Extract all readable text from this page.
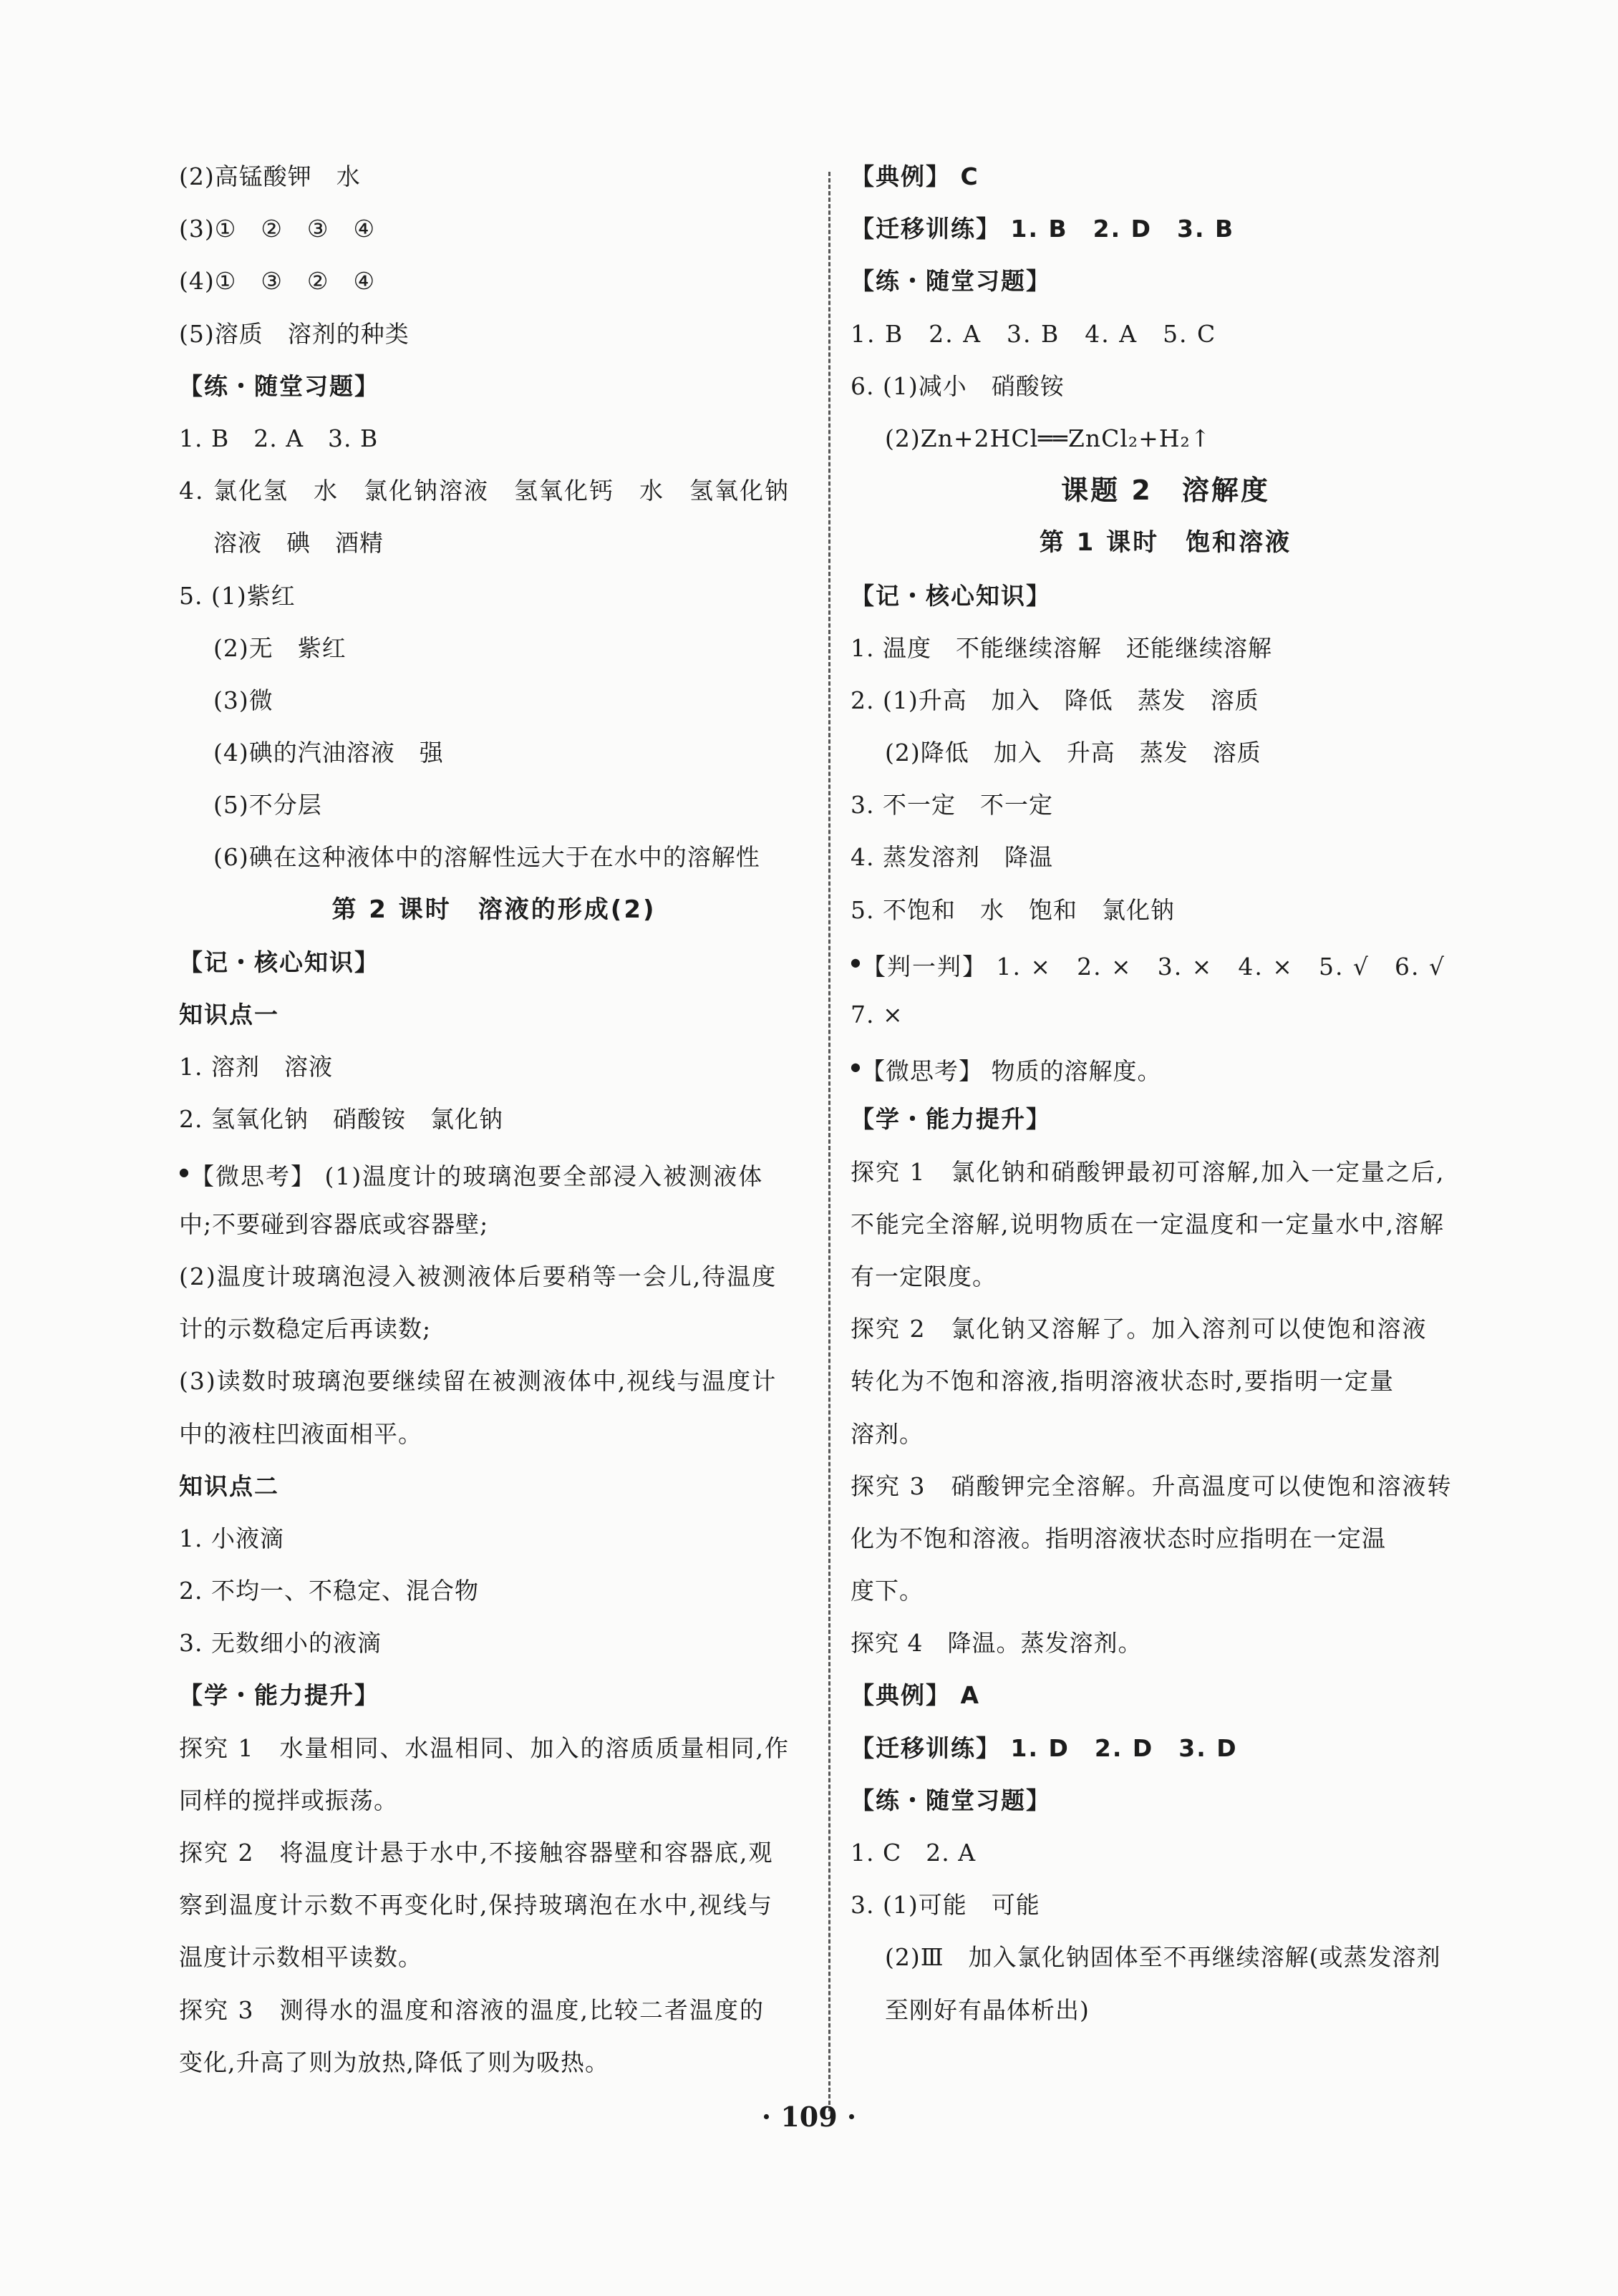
(2)高锰酸钾　水
(3)①　②　③　④
(4)①　③　②　④
(5)溶质　溶剂的种类
【练・随堂习题】
1. B　2. A　3. B
4. 氯化氢　水　氯化钠溶液　氢氧化钙　水　氢氧化钠
溶液　碘　酒精
5. (1)紫红
(2)无　紫红
(3)微
(4)碘的汽油溶液　强
(5)不分层
(6)碘在这种液体中的溶解性远大于在水中的溶解性
第 2 课时　溶液的形成(2)
【记・核心知识】
知识点一
1. 溶剂　溶液
2. 氢氧化钠　硝酸铵　氯化钠
●【微思考】 (1)温度计的玻璃泡要全部浸入被测液体
中;不要碰到容器底或容器壁;
(2)温度计玻璃泡浸入被测液体后要稍等一会儿,待温度
计的示数稳定后再读数;
(3)读数时玻璃泡要继续留在被测液体中,视线与温度计
中的液柱凹液面相平。
知识点二
1. 小液滴
2. 不均一、不稳定、混合物
3. 无数细小的液滴
【学・能力提升】
探究 1　水量相同、水温相同、加入的溶质质量相同,作
同样的搅拌或振荡。
探究 2　将温度计悬于水中,不接触容器壁和容器底,观
察到温度计示数不再变化时,保持玻璃泡在水中,视线与
温度计示数相平读数。
探究 3　测得水的温度和溶液的温度,比较二者温度的
变化,升高了则为放热,降低了则为吸热。
【典例】 C
【迁移训练】 1. B　2. D　3. B
【练・随堂习题】
1. B　2. A　3. B　4. A　5. C
6. (1)减小　硝酸铵
(2)Zn+2HCl══ZnCl₂+H₂↑
课题 2　溶解度
第 1 课时　饱和溶液
【记・核心知识】
1. 温度　不能继续溶解　还能继续溶解
2. (1)升高　加入　降低　蒸发　溶质
(2)降低　加入　升高　蒸发　溶质
3. 不一定　不一定
4. 蒸发溶剂　降温
5. 不饱和　水　饱和　氯化钠
●【判一判】 1. ×　2. ×　3. ×　4. ×　5. √　6. √
7. ×
●【微思考】 物质的溶解度。
【学・能力提升】
探究 1　氯化钠和硝酸钾最初可溶解,加入一定量之后,
不能完全溶解,说明物质在一定温度和一定量水中,溶解
有一定限度。
探究 2　氯化钠又溶解了。加入溶剂可以使饱和溶液
转化为不饱和溶液,指明溶液状态时,要指明一定量
溶剂。
探究 3　硝酸钾完全溶解。升高温度可以使饱和溶液转
化为不饱和溶液。指明溶液状态时应指明在一定温
度下。
探究 4　降温。蒸发溶剂。
【典例】 A
【迁移训练】 1. D　2. D　3. D
【练・随堂习题】
1. C　2. A
3. (1)可能　可能
(2)Ⅲ　加入氯化钠固体至不再继续溶解(或蒸发溶剂
至刚好有晶体析出)
· 109 ·
